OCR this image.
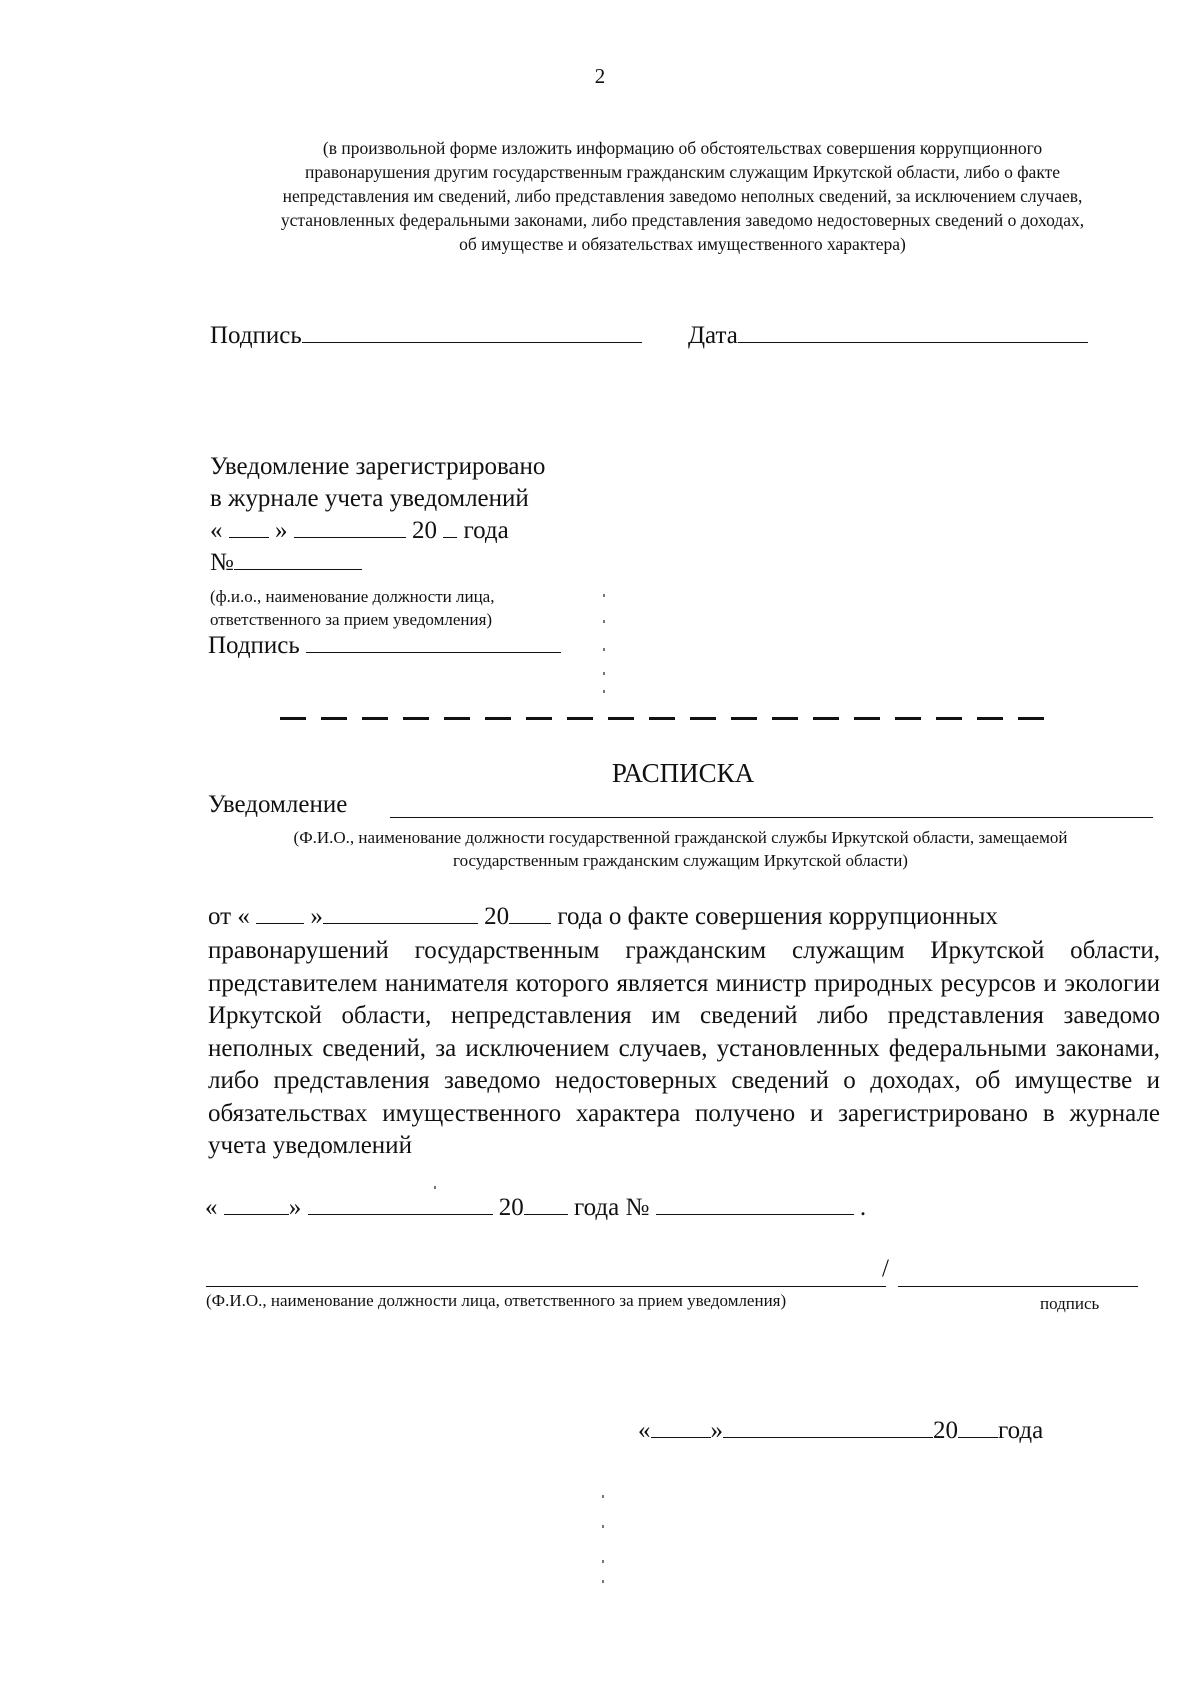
2
(в произвольной форме изложить информацию об обстоятельствах совершения коррупционного
правонарушения другим государственным гражданским служащим Иркутской области, либо о факте
непредставления им сведений, либо представления заведомо неполных сведений, за исключением случаев,
установленных федеральными законами, либо представления заведомо недостоверных сведений о доходах,
об имуществе и обязательствах имущественного характера)
Подпись	Дата
Уведомление зарегистрировано
в журнале учета уведомлений
« »	20 года
№
(ф.и.о., наименование должности лица,
ответственного за прием уведомления)
Подпись
РАСПИСКА
Уведомление
(Ф.И.О., наименование должности государственной гражданской службы Иркутской области, замещаемой
государственным гражданским служащим Иркутской области)
от « »	20 года о факте совершения коррупционных

правонарушений государственным гражданским служащим Иркутской области, представителем нанимателя которого является министр природных ресурсов и экологии Иркутской области, непредставления им сведений либо представления заведомо неполных сведений, за исключением случаев, установленных федеральными законами, либо представления заведомо недостоверных сведений о доходах, об имуществе и обязательствах имущественного характера получено и зарегистрировано в журнале учета уведомлений

«	»	20 года №	.
/
(Ф.И.О., наименование должности лица, ответственного за прием уведомления)	подпись
« »	20 года
